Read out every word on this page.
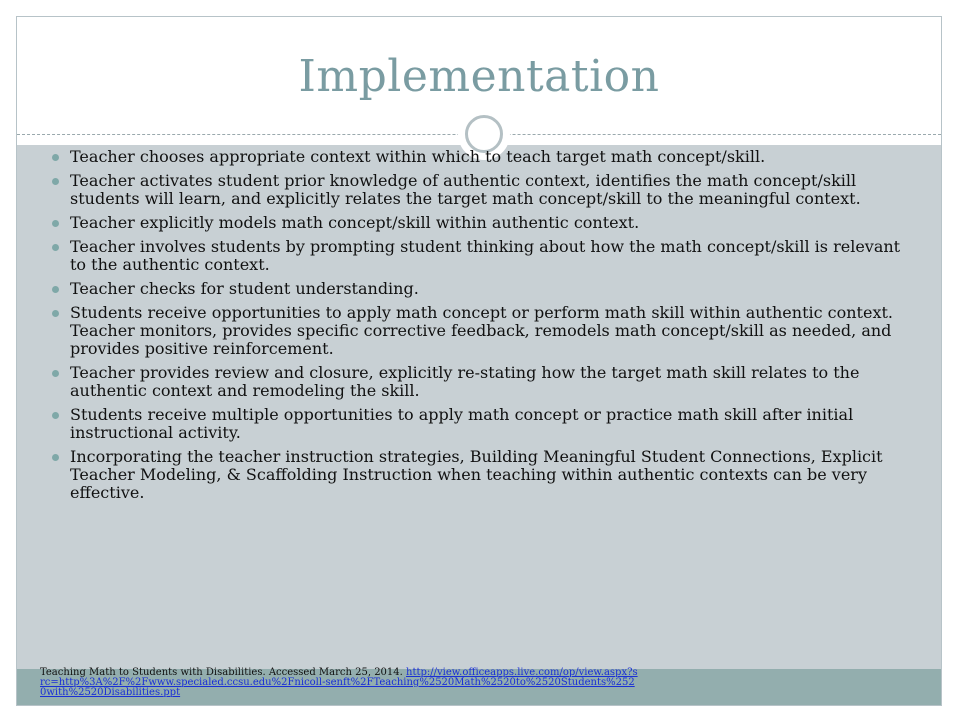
Implementation
Teacher chooses appropriate context within which to teach target math concept/skill.
Teacher activates student prior knowledge of authentic context, identifies the math concept/skill students will learn, and explicitly relates the target math concept/skill to the meaningful context.
Teacher explicitly models math concept/skill within authentic context.
Teacher involves students by prompting student thinking about how the math concept/skill is relevant to the authentic context.
Teacher checks for student understanding.
Students receive opportunities to apply math concept or perform math skill within authentic context. Teacher monitors, provides specific corrective feedback, remodels math concept/skill as needed, and provides positive reinforcement.
Teacher provides review and closure, explicitly re-stating how the target math skill relates to the authentic context and remodeling the skill.
Students receive multiple opportunities to apply math concept or practice math skill after initial instructional activity.
Incorporating the teacher instruction strategies, Building Meaningful Student Connections, Explicit Teacher Modeling, & Scaffolding Instruction when teaching within authentic contexts can be very effective.
Teaching Math to Students with Disabilities. Accessed March 25, 2014. http://view.officeapps.live.com/op/view.aspx?src=http%3A%2F%2Fwww.specialed.ccsu.edu%2Fnicoll-senft%2FTeaching%2520Math%2520to%2520Students%2520with%2520Disabilities.ppt
